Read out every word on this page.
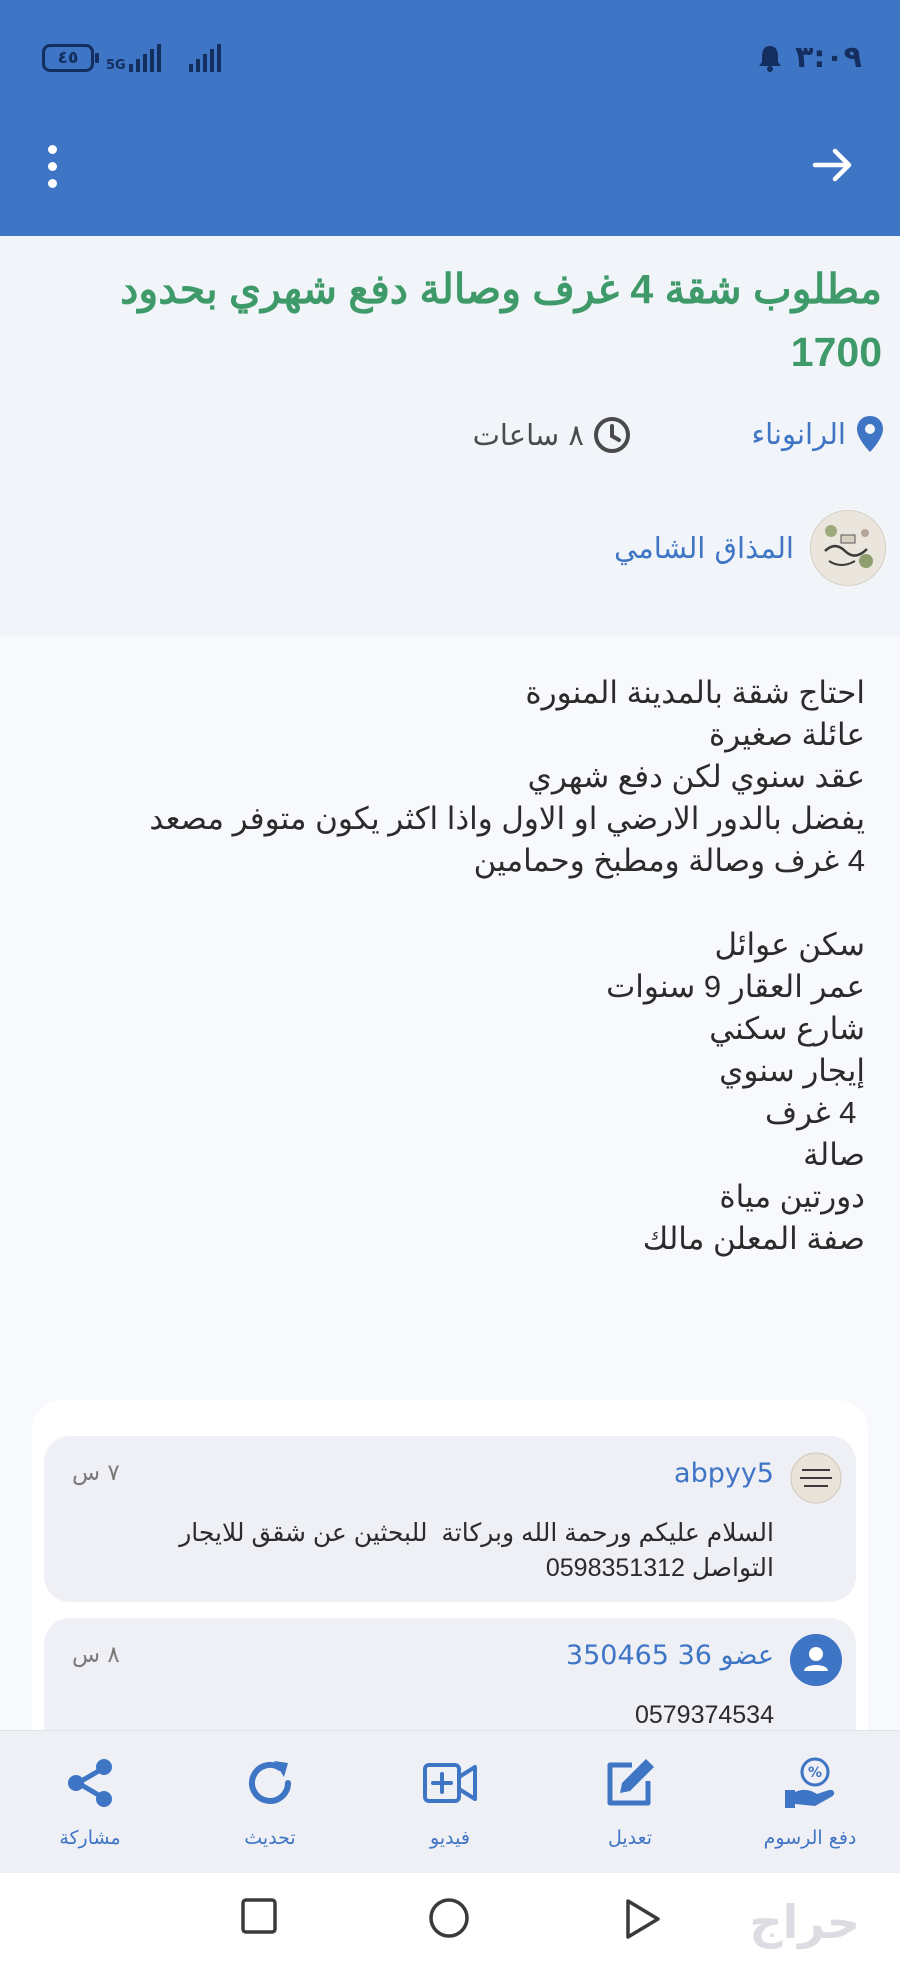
٤٥ 5G	٣:٠٩
مطلوب شقة 4 غرف وصالة دفع شهري بحدود 1700
الرانوناء
٨ ساعات
المذاق الشامي
احتاج شقة بالمدينة المنورة
عائلة صغيرة
عقد سنوي لكن دفع شهري
يفضل بالدور الارضي او الاول واذا اكثر يكون متوفر مصعد
4 غرف وصالة ومطبخ وحمامين
سكن عوائل
عمر العقار 9 سنوات
شارع سكني
إيجار سنوي
4 غرف
صالة
دورتين مياة
صفة المعلن مالك
abpyy5
٧ س
السلام عليكم ورحمة الله وبركاتة  للبحثين عن شقق للايجار
التواصل 0598351312
عضو 36 350465
٨ س
0579374534
مشاركة	تحديث	فيديو	تعديل
%
دفع الرسوم
حراج
